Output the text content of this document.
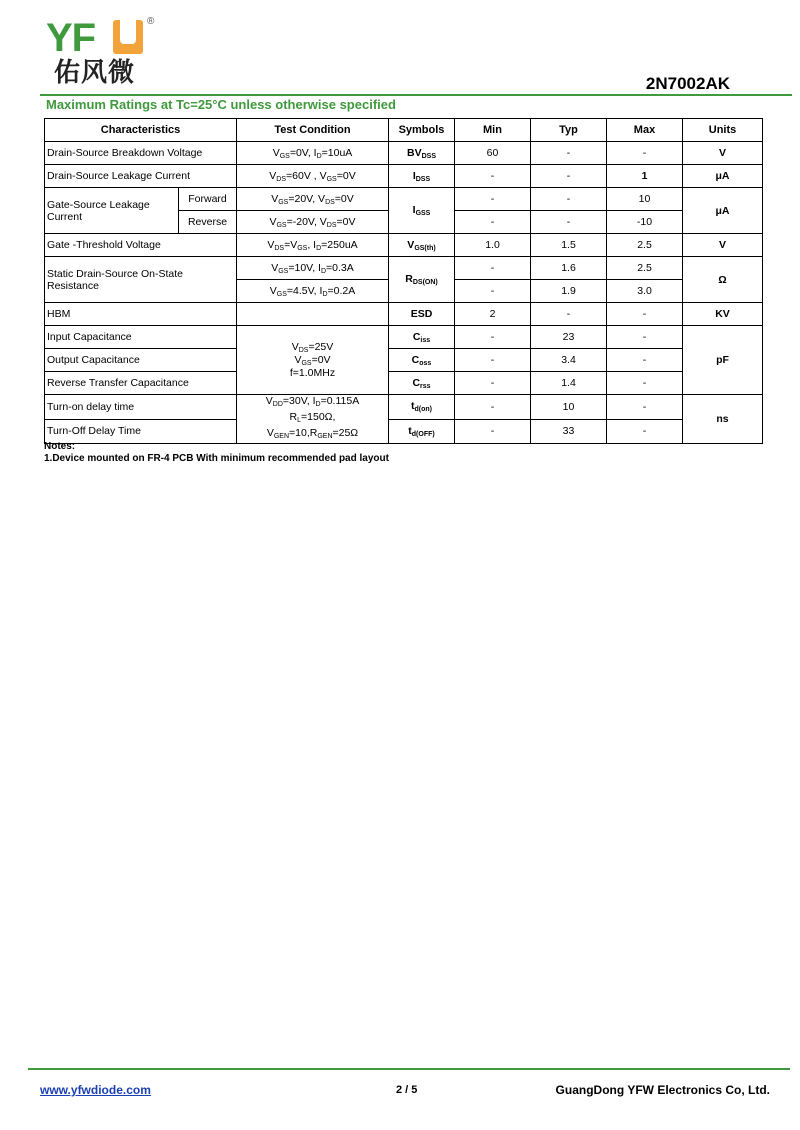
YF	®
佑风微	2N7002AK
Maximum Ratings at Tc=25°C unless otherwise specified
Characteristics		Test Condition	Symbols	Min	Typ	Max	Units
Drain-Source Breakdown Voltage		$V_{GS}=0V$, $I_D=10uA$	$BV_{DSS}$	60	-	-	V
Drain-Source Leakage Current		$V_{DS}=60V$ , $V_{GS}=0V$	$I_{DSS}$	-	-	1	μA
Gate-Source Leakage Current	Forward	$V_{GS}=20V$, $V_{DS}=0V$	$I_{GSS}$	-	-	10	μA
	Reverse	$V_{GS}=-20V$, $V_{DS}=0V$		-	-	-10	
Gate -Threshold Voltage		$V_{DS}=V_{GS}$, $I_D=250uA$	$V_{GS(th)}$	1.0	1.5	2.5	V
Static Drain-Source On-State Resistance		$V_{GS}=10V$, $I_D=0.3A$	$R_{DS(ON)}$	-	1.6	2.5	Ω
		$V_{GS}=4.5V$, $I_D=0.2A$		-	1.9	3.0	
HBM			ESD	2	-	-	KV
Input Capacitance		$V_{DS}=25V$
$V_{GS}=0V$
f=1.0MHz	$C_{iss}$	-	23	-	pF
Output Capacitance			$C_{oss}$	-	3.4	-	
Reverse Transfer Capacitance			$C_{rss}$	-	1.4	-	
Turn-on delay time		$V_{DD}=30V$, $I_D=0.115A$
$R_L=150\Omega$,
$V_{GEN}=10,R_{GEN}=25\Omega$	$t_{d(on)}$	-	10	-	ns
Turn-Off Delay Time			$t_{d(OFF)}$	-	33	-	
Notes:
1.Device mounted on FR-4 PCB With minimum recommended pad layout
www.yfwdiode.com	2 / 5	GuangDong YFW Electronics Co, Ltd.
